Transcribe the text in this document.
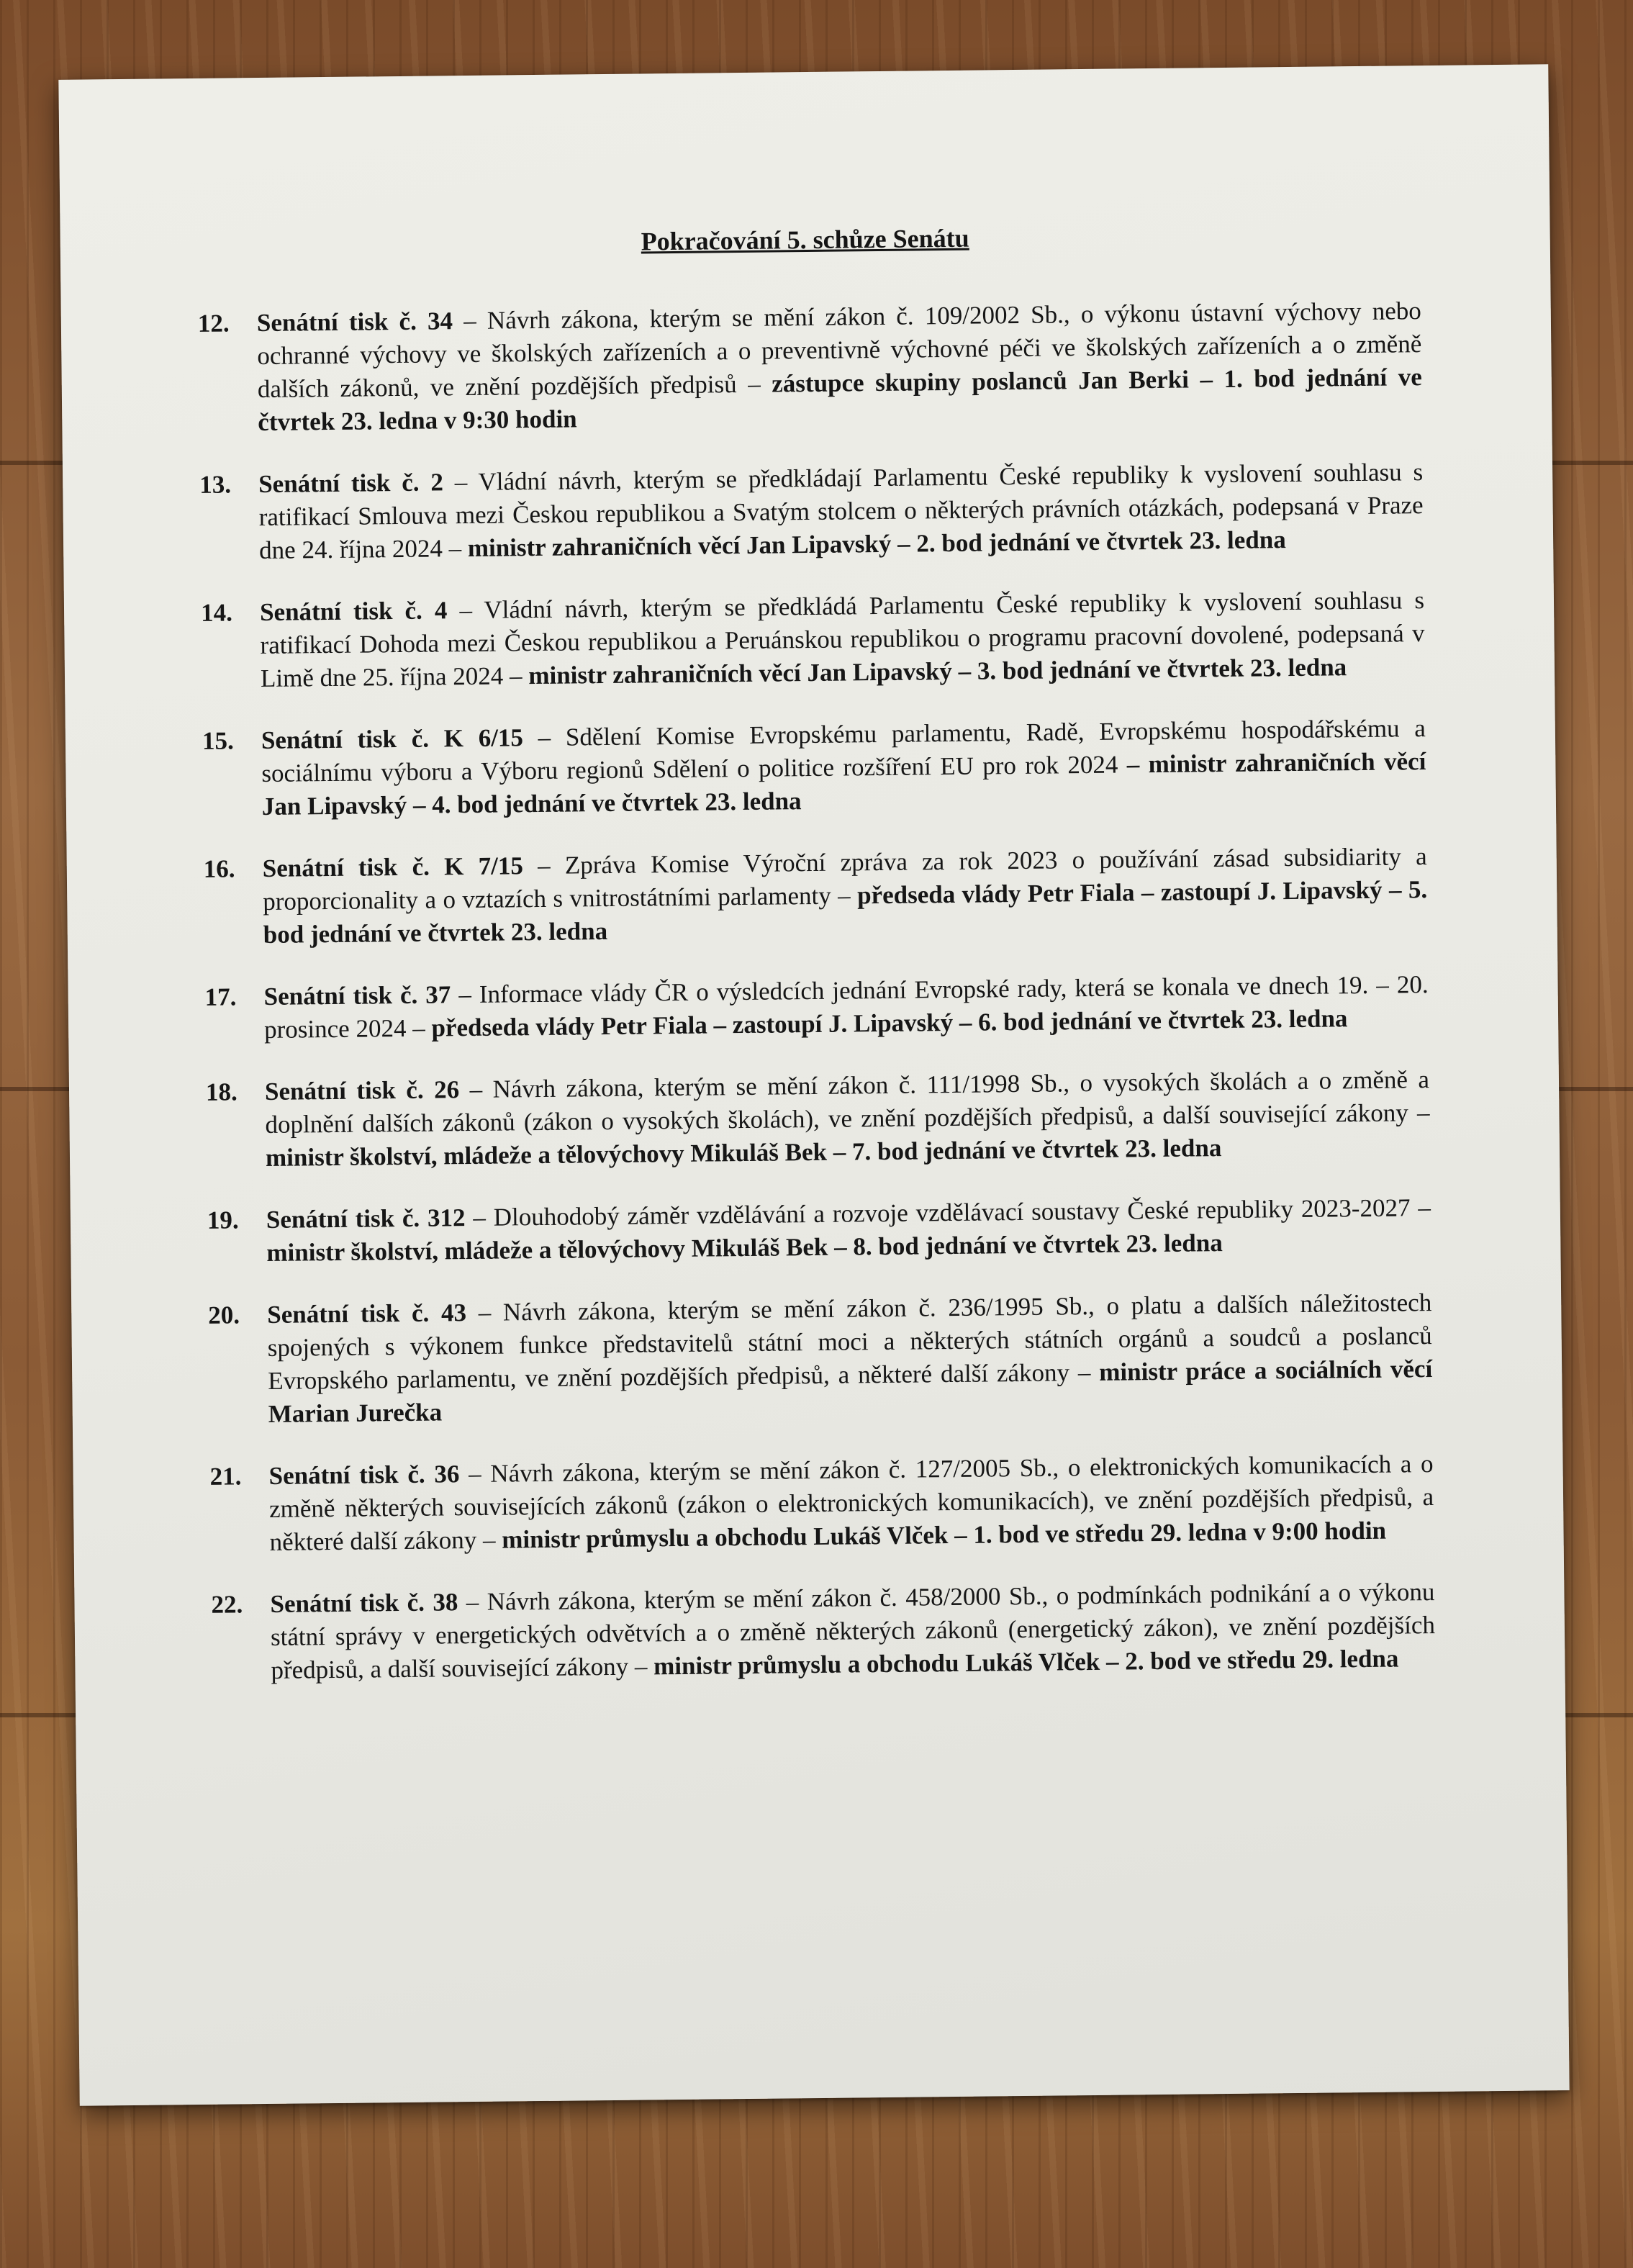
Pokračování 5. schůze Senátu
12.	Senátní tisk č. 34 – Návrh zákona, kterým se mění zákon č. 109/2002 Sb., o výkonu ústavní výchovy nebo ochranné výchovy ve školských zařízeních a o preventivně výchovné péči ve školských zařízeních a o změně dalších zákonů, ve znění pozdějších předpisů – zástupce skupiny poslanců Jan Berki – 1. bod jednání ve čtvrtek 23. ledna v 9:30 hodin
13.	Senátní tisk č. 2 – Vládní návrh, kterým se předkládají Parlamentu České republiky k vyslovení souhlasu s ratifikací Smlouva mezi Českou republikou a Svatým stolcem o některých právních otázkách, podepsaná v Praze dne 24. října 2024 – ministr zahraničních věcí Jan Lipavský – 2. bod jednání ve čtvrtek 23. ledna
14.	Senátní tisk č. 4 – Vládní návrh, kterým se předkládá Parlamentu České republiky k vyslovení souhlasu s ratifikací Dohoda mezi Českou republikou a Peruánskou republikou o programu pracovní dovolené, podepsaná v Limě dne 25. října 2024 – ministr zahraničních věcí Jan Lipavský – 3. bod jednání ve čtvrtek 23. ledna
15.	Senátní tisk č. K 6/15 – Sdělení Komise Evropskému parlamentu, Radě, Evropskému hospodářskému a sociálnímu výboru a Výboru regionů Sdělení o politice rozšíření EU pro rok 2024 – ministr zahraničních věcí Jan Lipavský – 4. bod jednání ve čtvrtek 23. ledna
16.	Senátní tisk č. K 7/15 – Zpráva Komise Výroční zpráva za rok 2023 o používání zásad subsidiarity a proporcionality a o vztazích s vnitrostátními parlamenty – předseda vlády Petr Fiala – zastoupí J. Lipavský – 5. bod jednání ve čtvrtek 23. ledna
17.	Senátní tisk č. 37 – Informace vlády ČR o výsledcích jednání Evropské rady, která se konala ve dnech 19. – 20. prosince 2024 – předseda vlády Petr Fiala – zastoupí J. Lipavský – 6. bod jednání ve čtvrtek 23. ledna
18.	Senátní tisk č. 26 – Návrh zákona, kterým se mění zákon č. 111/1998 Sb., o vysokých školách a o změně a doplnění dalších zákonů (zákon o vysokých školách), ve znění pozdějších předpisů, a další související zákony – ministr školství, mládeže a tělovýchovy Mikuláš Bek – 7. bod jednání ve čtvrtek 23. ledna
19.	Senátní tisk č. 312 – Dlouhodobý záměr vzdělávání a rozvoje vzdělávací soustavy České republiky 2023-2027 – ministr školství, mládeže a tělovýchovy Mikuláš Bek – 8. bod jednání ve čtvrtek 23. ledna
20.	Senátní tisk č. 43 – Návrh zákona, kterým se mění zákon č. 236/1995 Sb., o platu a dalších náležitostech spojených s výkonem funkce představitelů státní moci a některých státních orgánů a soudců a poslanců Evropského parlamentu, ve znění pozdějších předpisů, a některé další zákony – ministr práce a sociálních věcí Marian Jurečka
21.	Senátní tisk č. 36 – Návrh zákona, kterým se mění zákon č. 127/2005 Sb., o elektronických komunikacích a o změně některých souvisejících zákonů (zákon o elektronických komunikacích), ve znění pozdějších předpisů, a některé další zákony – ministr průmyslu a obchodu Lukáš Vlček – 1. bod ve středu 29. ledna v 9:00 hodin
22.	Senátní tisk č. 38 – Návrh zákona, kterým se mění zákon č. 458/2000 Sb., o podmínkách podnikání a o výkonu státní správy v energetických odvětvích a o změně některých zákonů (energetický zákon), ve znění pozdějších předpisů, a další související zákony – ministr průmyslu a obchodu Lukáš Vlček – 2. bod ve středu 29. ledna
